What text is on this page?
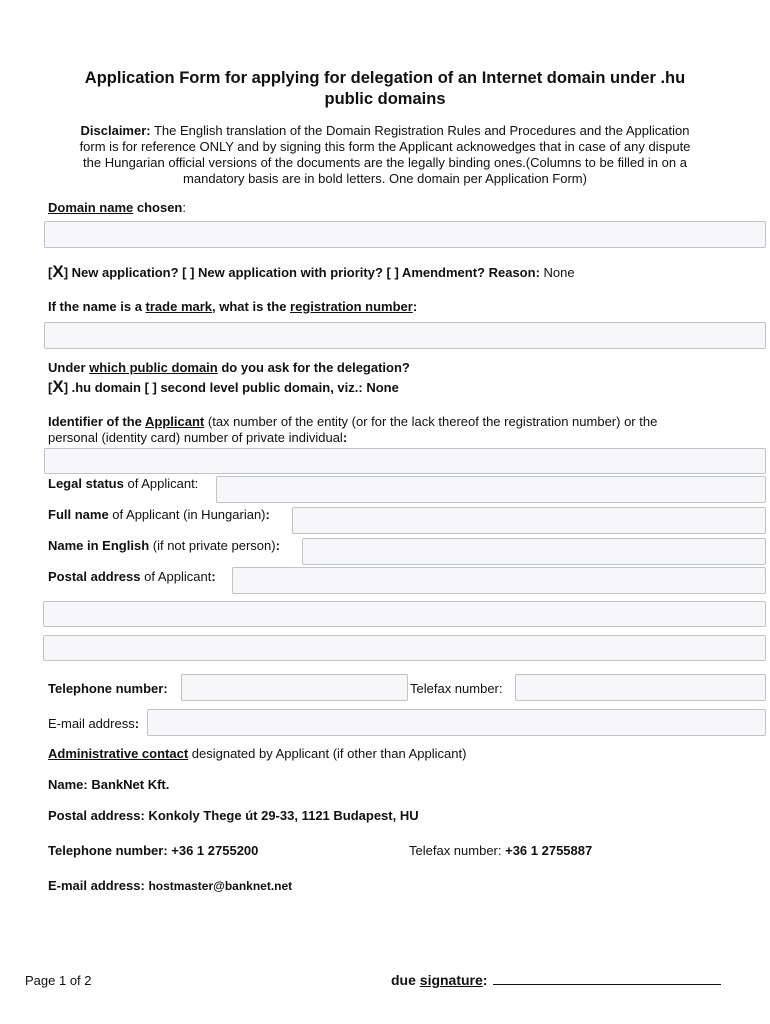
Application Form for applying for delegation of an Internet domain under .hu
public domains
Disclaimer: The English translation of the Domain Registration Rules and Procedures and the Application
form is for reference ONLY and by signing this form the Applicant acknowedges that in case of any dispute
the Hungarian official versions of the documents are the legally binding ones.(Columns to be filled in on a
mandatory basis are in bold letters. One domain per Application Form)
Domain name chosen:
[X] New application? [ ] New application with priority? [ ] Amendment? Reason: None
If the name is a trade mark, what is the registration number:
Under which public domain do you ask for the delegation?
[X] .hu domain [ ] second level public domain, viz.: None
Identifier of the Applicant (tax number of the entity (or for the lack thereof the registration number) or the
personal (identity card) number of private individual:
Legal status of Applicant:
Full name of Applicant (in Hungarian):
Name in English (if not private person):
Postal address of Applicant:
Telephone number:	Telefax number:
E-mail address:
Administrative contact designated by Applicant (if other than Applicant)
Name: BankNet Kft.
Postal address: Konkoly Thege út 29-33, 1121 Budapest, HU
Telephone number: +36 1 2755200	Telefax number: +36 1 2755887
E-mail address: hostmaster@banknet.net
Page 1 of 2	due signature:
